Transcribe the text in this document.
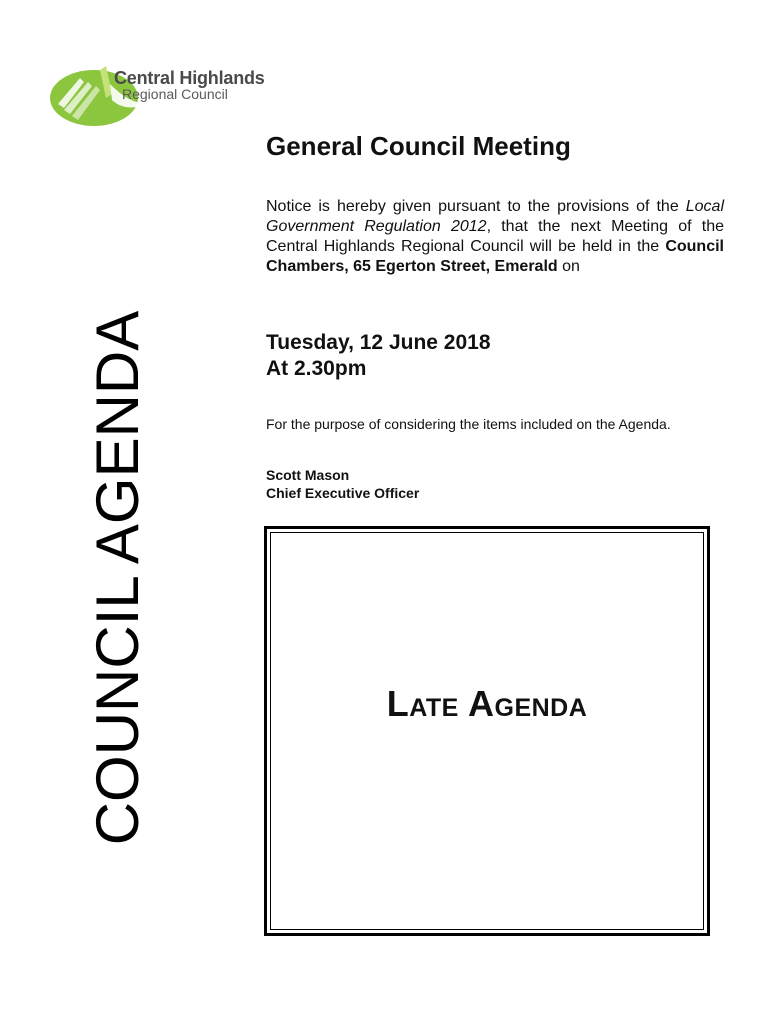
Central Highlands
Regional Council
COUNCIL AGENDA
General Council Meeting

Notice is hereby given pursuant to the provisions of the Local Government Regulation 2012, that the next Meeting of the Central Highlands Regional Council will be held in the Council Chambers, 65 Egerton Street, Emerald on

Tuesday, 12 June 2018
At 2.30pm
For the purpose of considering the items included on the Agenda.
Scott Mason
Chief Executive Officer
Late Agenda
